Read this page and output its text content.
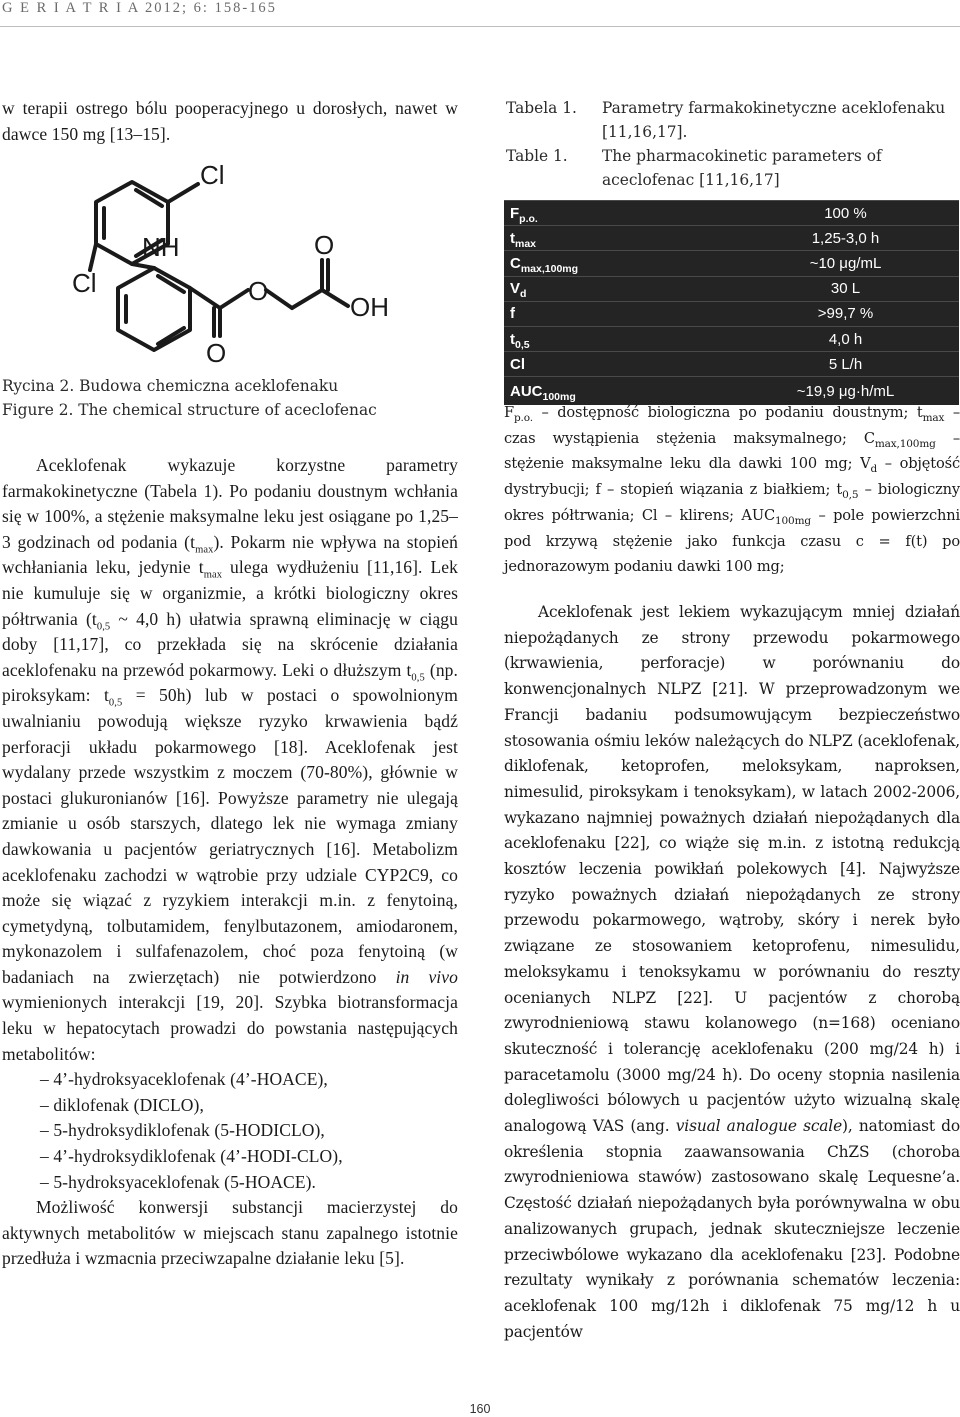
G E R I A T R I A 2012; 6: 158-165

w terapii ostrego bólu pooperacyjnego u dorosłych, nawet w dawce 150 mg [13–15].

Cl
NH
Cl
O
O
OH
O
Rycina 2. Budowa chemiczna aceklofenaku
Figure 2. The chemical structure of aceclofenac

Aceklofenak wykazuje korzystne parametry farmakokinetyczne (Tabela 1). Po podaniu doustnym wchłania się w 100%, a stężenie maksymalne leku jest osiągane po 1,25–3 godzinach od podania $(t_{max})$. Pokarm nie wpływa na stopień wchłaniania leku, jedynie $t_{max}$ ulega wydłużeniu [11,16]. Lek nie kumuluje się w organizmie, a krótki biologiczny okres półtrwania ($t_{0,5}$ ~ 4,0 h) ułatwia sprawną eliminację w ciągu doby [11,17], co przekłada się na skrócenie działania aceklofenaku na przewód pokarmowy. Leki o dłuższym $t_{0,5}$ (np. piroksykam: $t_{0,5} = 50h$) lub w postaci o spowolnionym uwalnianiu powodują większe ryzyko krwawienia bądź perforacji układu pokarmowego [18]. Aceklofenak jest wydalany przede wszystkim z moczem (70-80%), głównie w postaci glukuronianów [16]. Powyższe parametry nie ulegają zmianie u osób starszych, dlatego lek nie wymaga zmiany dawkowania u pacjentów geriatrycznych [16]. Metabolizm aceklofenaku zachodzi w wątrobie przy udziale CYP2C9, co może się wiązać z ryzykiem interakcji m.in. z fenytoiną, cymetydyną, tolbutamidem, fenylbutazonem, amiodaronem, mykonazolem i sulfafenazolem, choć poza fenytoiną (w badaniach na zwierzętach) nie potwierdzono in vivo wymienionych interakcji [19, 20]. Szybka biotransformacja leku w hepatocytach prowadzi do powstania następujących metabolitów:

– 4’-hydroksyaceklofenak (4’-HOACE),
– diklofenak (DICLO),
– 5-hydroksydiklofenak (5-HODICLO),
– 4’-hydroksydiklofenak (4’-HODI-CLO),
– 5-hydroksyaceklofenak (5-HOACE).

Możliwość konwersji substancji macierzystej do aktywnych metabolitów w miejscach stanu zapalnego istotnie przedłuża i wzmacnia przeciwzapalne działanie leku [5].

Tabela 1.	Parametry farmakokinetyczne aceklofenaku [11,16,17].
Table 1.	The pharmacokinetic parameters of aceclofenac [11,16,17]
$F_{p.o.}$	100 %
$t_{max}$	1,25-3,0 h
$C_{max,100mg}$	~10 μg/mL
$V_d$	30 L
f	>99,7 %
$t_{0,5}$	4,0 h
Cl	5 L/h
$AUC_{100mg}$	~19,9 μg·h/mL

$F_{p.o.}$ – dostępność biologiczna po podaniu doustnym; $t_{max}$ – czas wystąpienia stężenia maksymalnego; $C_{max,100mg}$ – stężenie maksymalne leku dla dawki 100 mg; $V_d$ – objętość dystrybucji; f – stopień wiązania z białkiem; $t_{0,5}$ – biologiczny okres półtrwania; Cl – klirens; $AUC_{100mg}$ – pole powierzchni pod krzywą stężenie jako funkcja czasu c = f(t) po jednorazowym podaniu dawki 100 mg;

Aceklofenak jest lekiem wykazującym mniej działań niepożądanych ze strony przewodu pokarmowego (krwawienia, perforacje) w porównaniu do konwencjonalnych NLPZ [21]. W przeprowadzonym we Francji badaniu podsumowującym bezpieczeństwo stosowania ośmiu leków należących do NLPZ (aceklofenak, diklofenak, ketoprofen, meloksykam, naproksen, nimesulid, piroksykam i tenoksykam), w latach 2002-2006, wykazano najmniej poważnych działań niepożądanych dla aceklofenaku [22], co wiąże się m.in. z istotną redukcją kosztów leczenia powikłań polekowych [4]. Najwyższe ryzyko poważnych działań niepożądanych ze strony przewodu pokarmowego, wątroby, skóry i nerek było związane ze stosowaniem ketoprofenu, nimesulidu, meloksykamu i tenoksykamu w porównaniu do reszty ocenianych NLPZ [22]. U pacjentów z chorobą zwyrodnieniową stawu kolanowego (n=168) oceniano skuteczność i tolerancję aceklofenaku (200 mg/24 h) i paracetamolu (3000 mg/24 h). Do oceny stopnia nasilenia dolegliwości bólowych u pacjentów użyto wizualną skalę analogową VAS (ang. visual analogue scale), natomiast do określenia stopnia zaawansowania ChZS (choroba zwyrodnieniowa stawów) zastosowano skalę Lequesne’a. Częstość działań niepożądanych była porównywalna w obu analizowanych grupach, jednak skuteczniejsze leczenie przeciwbólowe wykazano dla aceklofenaku [23]. Podobne rezultaty wynikały z porównania schematów leczenia: aceklofenak 100 mg/12h i diklofenak 75 mg/12 h u pacjentów

160
